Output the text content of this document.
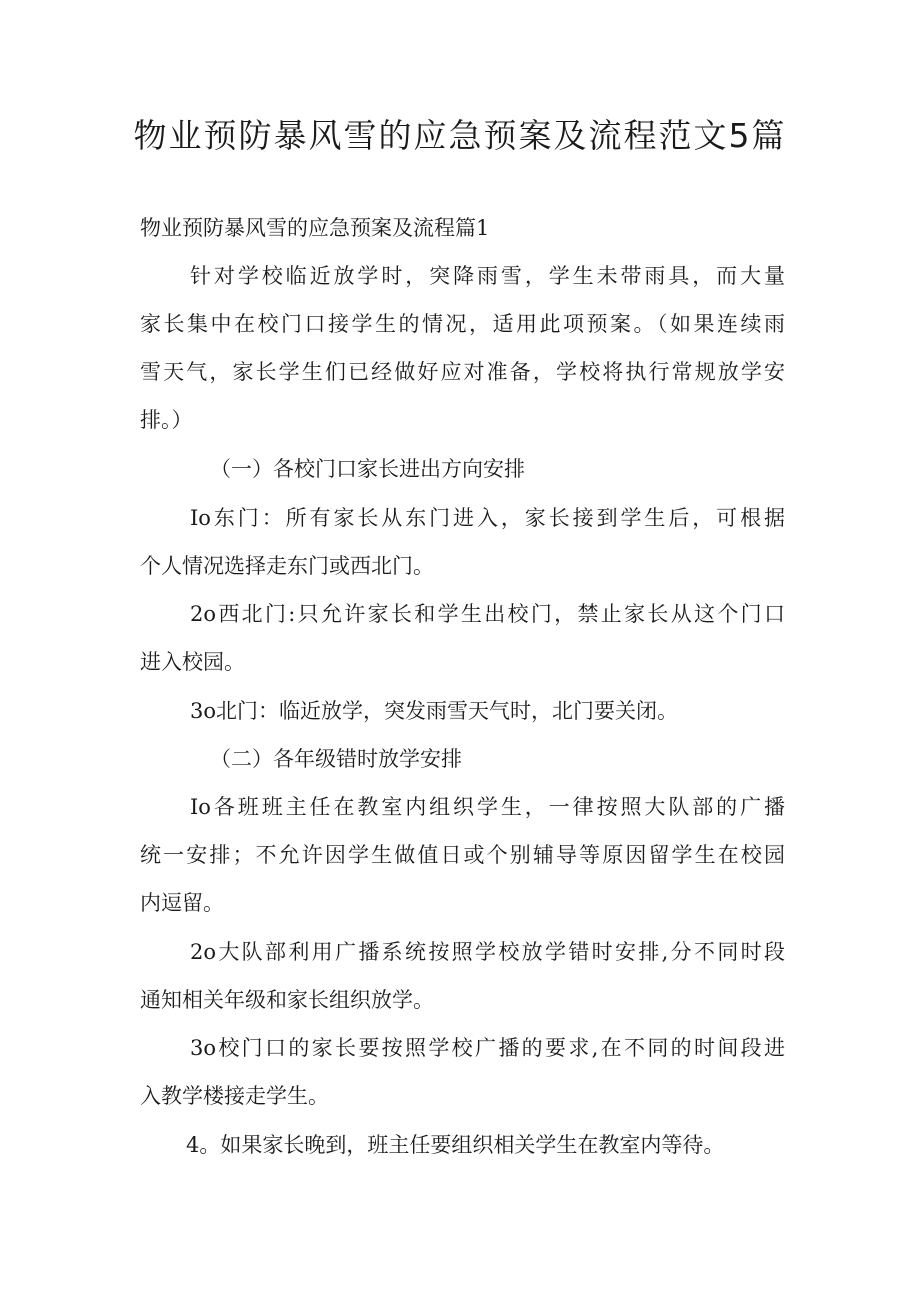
物业预防暴风雪的应急预案及流程范文5篇

物业预防暴风雪的应急预案及流程篇1

针对学校临近放学时，突降雨雪，学生未带雨具，而大量

家长集中在校门口接学生的情况，适用此项预案。（如果连续雨

雪天气，家长学生们已经做好应对准备，学校将执行常规放学安

排。）

（一）各校门口家长进出方向安排

Io东门：所有家长从东门进入，家长接到学生后，可根据

个人情况选择走东门或西北门。

2o西北门:只允许家长和学生出校门，禁止家长从这个门口

进入校园。

3o北门：临近放学，突发雨雪天气时，北门要关闭。

（二）各年级错时放学安排

Io各班班主任在教室内组织学生，一律按照大队部的广播

统一安排；不允许因学生做值日或个别辅导等原因留学生在校园

内逗留。

2o大队部利用广播系统按照学校放学错时安排,分不同时段

通知相关年级和家长组织放学。

3o校门口的家长要按照学校广播的要求,在不同的时间段进

入教学楼接走学生。

4。如果家长晚到，班主任要组织相关学生在教室内等待。
